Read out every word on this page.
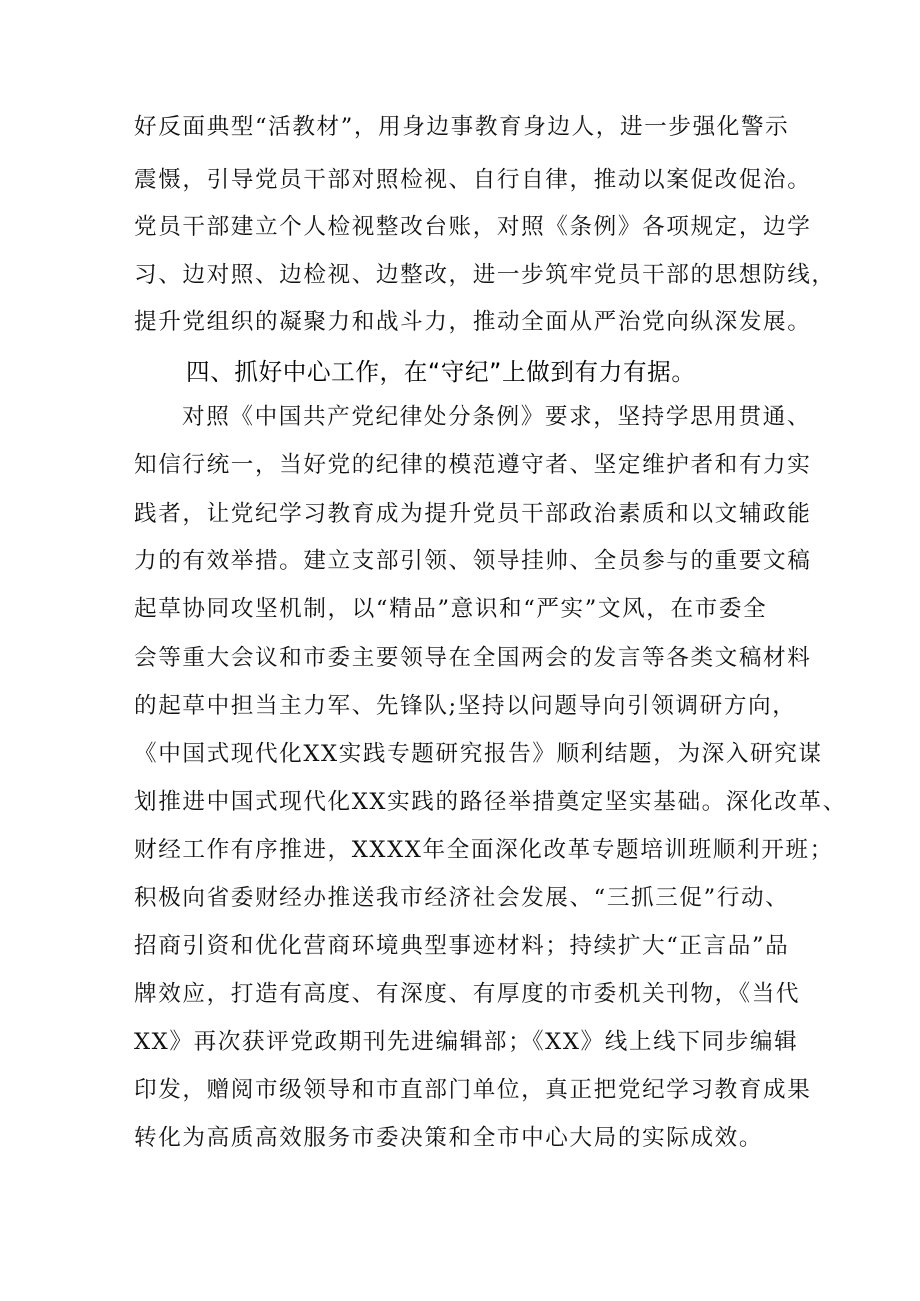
好反面典型“活教材”，用身边事教育身边人，进一步强化警示
震慑，引导党员干部对照检视、自行自律，推动以案促改促治。
党员干部建立个人检视整改台账，对照《条例》各项规定，边学
习、边对照、边检视、边整改，进一步筑牢党员干部的思想防线，
提升党组织的凝聚力和战斗力，推动全面从严治党向纵深发展。
四、抓好中心工作，在“守纪”上做到有力有据。
对照《中国共产党纪律处分条例》要求，坚持学思用贯通、
知信行统一，当好党的纪律的模范遵守者、坚定维护者和有力实
践者，让党纪学习教育成为提升党员干部政治素质和以文辅政能
力的有效举措。建立支部引领、领导挂帅、全员参与的重要文稿
起草协同攻坚机制，以“精品”意识和“严实”文风，在市委全
会等重大会议和市委主要领导在全国两会的发言等各类文稿材料
的起草中担当主力军、先锋队;坚持以问题导向引领调研方向，
《中国式现代化XX实践专题研究报告》顺利结题，为深入研究谋
划推进中国式现代化XX实践的路径举措奠定坚实基础。深化改革、
财经工作有序推进，XXXX年全面深化改革专题培训班顺利开班；
积极向省委财经办推送我市经济社会发展、“三抓三促”行动、
招商引资和优化营商环境典型事迹材料；持续扩大“正言品”品
牌效应，打造有高度、有深度、有厚度的市委机关刊物，《当代
XX》再次获评党政期刊先进编辑部；《XX》线上线下同步编辑
印发，赠阅市级领导和市直部门单位，真正把党纪学习教育成果
转化为高质高效服务市委决策和全市中心大局的实际成效。
